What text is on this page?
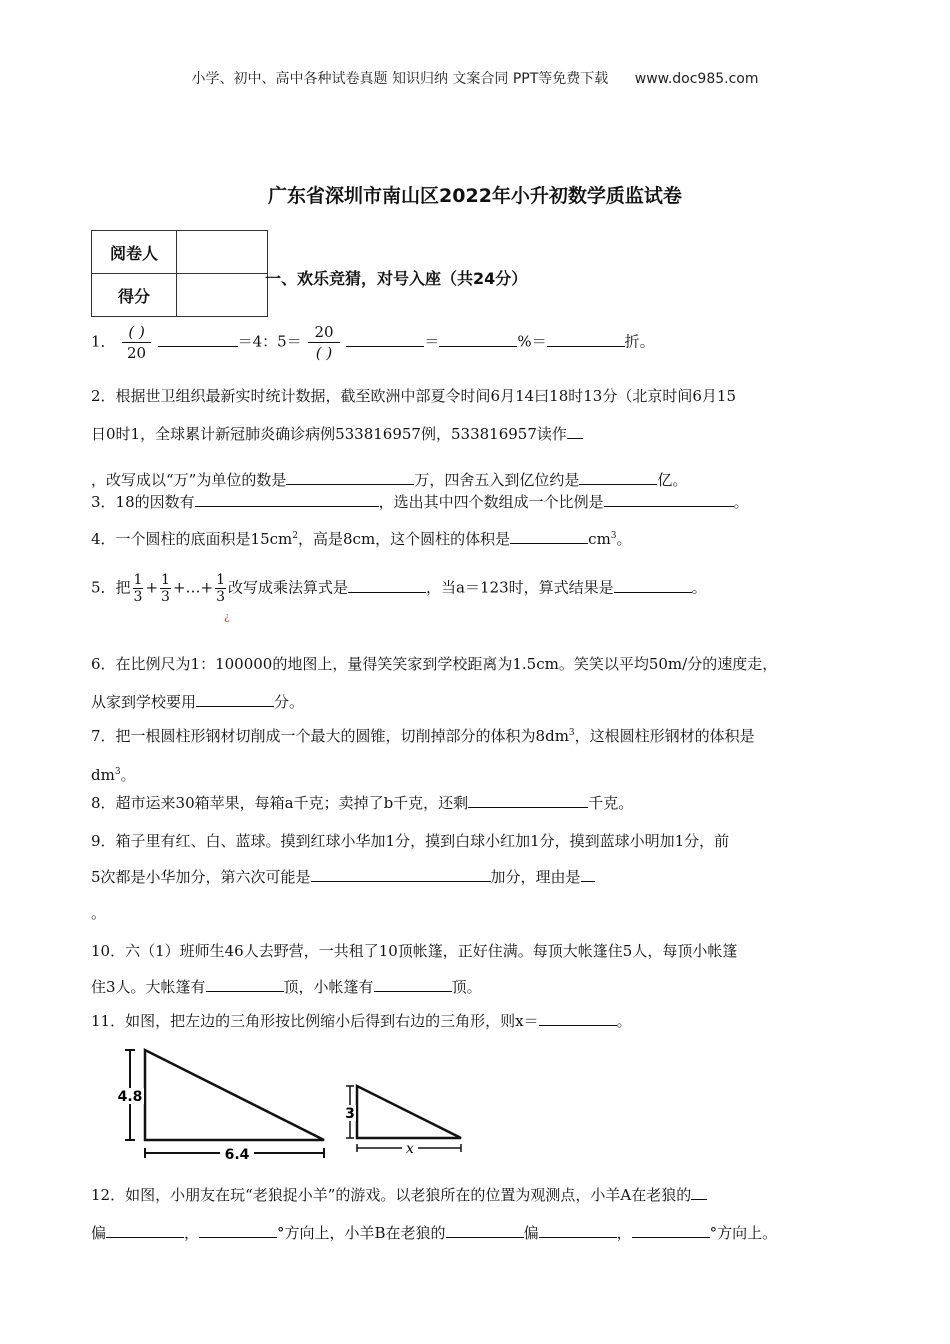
小学、初中、高中各种试卷真题 知识归纳 文案合同 PPT等免费下载 www.doc985.com
广东省深圳市南山区2022年小升初数学质监试卷
阅卷人	
得分	
一、欢乐竞猜，对号入座（共24分）
1． $\frac{( )}{20}$	＝4：$5= \frac{20}{( )}$	＝	%＝	折。
2．根据世卫组织最新实时统计数据，截至欧洲中部夏令时间6月14曰18时13分（北京时间6月15
日0时1，全球累计新冠肺炎确诊病例533816957例，533816957读作
，改写成以“万”为单位的数是	万，四舍五入到亿位约是	亿。
3．18的因数有	，选出其中四个数组成一个比例是	。
4．一个圆柱的底面积是$15cm^2$，高是8cm，这个圆柱的体积是	$cm^3$。
5．把 $\frac{1}{3} + \frac{1}{3}$ +…+ $\frac{1}{3}$ 改写成乘法算式是	，当a＝123时，算式结果是	。
¿
6．在比例尺为1：100000的地图上，量得笑笑家到学校距离为1.5cm。笑笑以平均50m/分的速度走，
从家到学校要用	分。
7．把一根圆柱形钢材切削成一个最大的圆锥，切削掉部分的体积为$8dm^3$，这根圆柱形钢材的体积是
$dm^3$。
8．超市运来30箱苹果，每箱a千克；卖掉了b千克，还剩	千克。
9．箱子里有红、白、蓝球。摸到红球小华加1分，摸到白球小红加1分，摸到蓝球小明加1分，前
5次都是小华加分，第六次可能是	加分，理由是
。
10．六（1）班师生46人去野营，一共租了10顶帐篷，正好住满。每顶大帐篷住5人，每顶小帐篷
住3人。大帐篷有	顶，小帐篷有	顶。
11．如图，把左边的三角形按比例缩小后得到右边的三角形，则x＝	。
4.8
6.4
3
x
12．如图，小朋友在玩“老狼捉小羊”的游戏。以老狼所在的位置为观测点，小羊A在老狼的
偏	，	°方向上，小羊B在老狼的	偏	，	°方向上。
